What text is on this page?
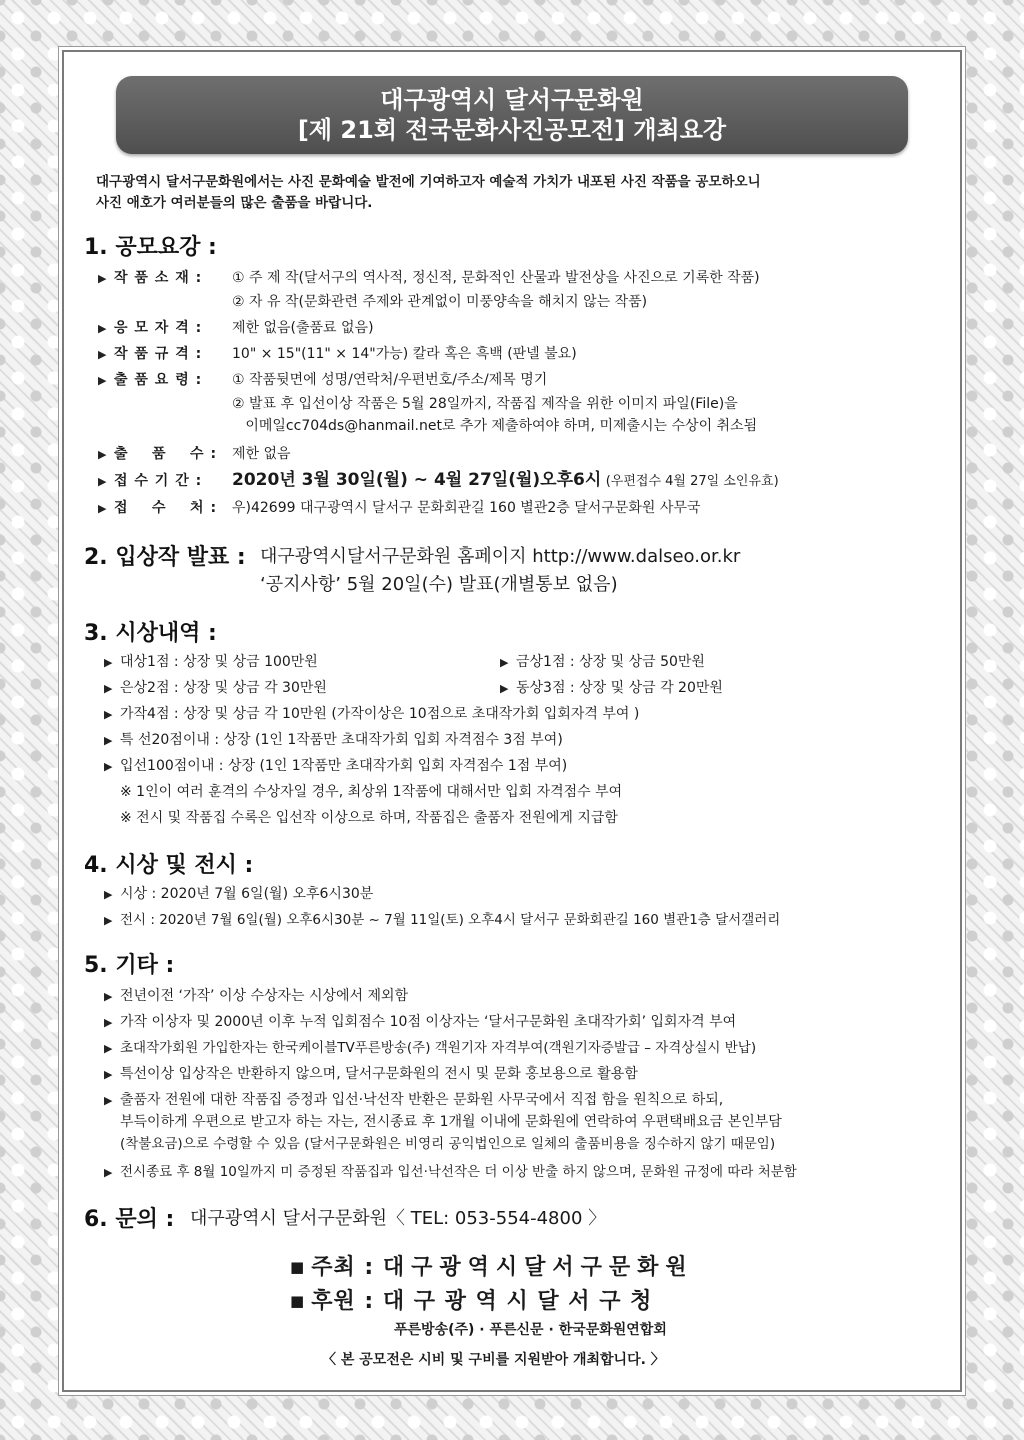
대구광역시 달서구문화원
[제 21회 전국문화사진공모전] 개최요강
대구광역시 달서구문화원에서는 사진 문화예술 발전에 기여하고자 예술적 가치가 내포된 사진 작품을 공모하오니
사진 애호가 여러분들의 많은 출품을 바랍니다.
1. 공모요강 :
▶ 작 품 소 재 : ① 주 제 작(달서구의 역사적, 정신적, 문화적인 산물과 발전상을 사진으로 기록한 작품)
② 자 유 작(문화관련 주제와 관계없이 미풍양속을 해치지 않는 작품)
▶ 응 모 자 격 : 제한 없음(출품료 없음)
▶ 작 품 규 격 : 10" × 15"(11" × 14"가능) 칼라 혹은 흑백 (판넬 불요)
▶ 출 품 요 령 : ① 작품뒷면에 성명/연락처/우편번호/주소/제목 명기
② 발표 후 입선이상 작품은 5월 28일까지, 작품집 제작을 위한 이미지 파일(File)을
이메일cc704ds@hanmail.net로 추가 제출하여야 하며, 미제출시는 수상이 취소됨
▶ 출    품    수 : 제한 없음
▶ 접 수 기 간 : 2020년 3월 30일(월) ~ 4월 27일(월)오후6시 (우편접수 4월 27일 소인유효)
▶ 접    수    처 : 우)42699 대구광역시 달서구 문화회관길 160 별관2층 달서구문화원 사무국
2. 입상작 발표 : 대구광역시달서구문화원 홈페이지 http://www.dalseo.or.kr
‘공지사항’ 5월 20일(수) 발표(개별통보 없음)
3. 시상내역 :
▶ 대상1점 : 상장 및 상금 100만원	▶ 금상1점 : 상장 및 상금 50만원
▶ 은상2점 : 상장 및 상금 각 30만원	▶ 동상3점 : 상장 및 상금 각 20만원
▶ 가작4점 : 상장 및 상금 각 10만원 (가작이상은 10점으로 초대작가회 입회자격 부여 )
▶ 특 선20점이내 : 상장 (1인 1작품만 초대작가회 입회 자격점수 3점 부여)
▶ 입선100점이내 : 상장 (1인 1작품만 초대작가회 입회 자격점수 1점 부여)
※ 1인이 여러 훈격의 수상자일 경우, 최상위 1작품에 대해서만 입회 자격점수 부여
※ 전시 및 작품집 수록은 입선작 이상으로 하며, 작품집은 출품자 전원에게 지급함
4. 시상 및 전시 :
▶ 시상 : 2020년 7월 6일(월) 오후6시30분
▶ 전시 : 2020년 7월 6일(월) 오후6시30분 ~ 7월 11일(토) 오후4시 달서구 문화회관길 160 별관1층 달서갤러리
5. 기타 :
▶ 전년이전 ‘가작’ 이상 수상자는 시상에서 제외함
▶ 가작 이상자 및 2000년 이후 누적 입회점수 10점 이상자는 ‘달서구문화원 초대작가회’ 입회자격 부여
▶ 초대작가회원 가입한자는 한국케이블TV푸른방송(주) 객원기자 자격부여(객원기자증발급 – 자격상실시 반납)
▶ 특선이상 입상작은 반환하지 않으며, 달서구문화원의 전시 및 문화 홍보용으로 활용함
▶ 출품자 전원에 대한 작품집 증정과 입선·낙선작 반환은 문화원 사무국에서 직접 함을 원칙으로 하되,
부득이하게 우편으로 받고자 하는 자는, 전시종료 후 1개월 이내에 문화원에 연락하여 우편택배요금 본인부담
(착불요금)으로 수령할 수 있음 (달서구문화원은 비영리 공익법인으로 일체의 출품비용을 징수하지 않기 때문임)
▶ 전시종료 후 8월 10일까지 미 증정된 작품집과 입선·낙선작은 더 이상 반출 하지 않으며, 문화원 규정에 따라 처분함
6. 문의 : 대구광역시 달서구문화원〈 TEL: 053-554-4800 〉
■ 주최 : 대구광역시달서구문화원
■ 후원 : 대 구 광 역 시 달 서 구 청
푸른방송(주) · 푸른신문 · 한국문화원연합회
〈 본 공모전은 시비 및 구비를 지원받아 개최합니다. 〉
